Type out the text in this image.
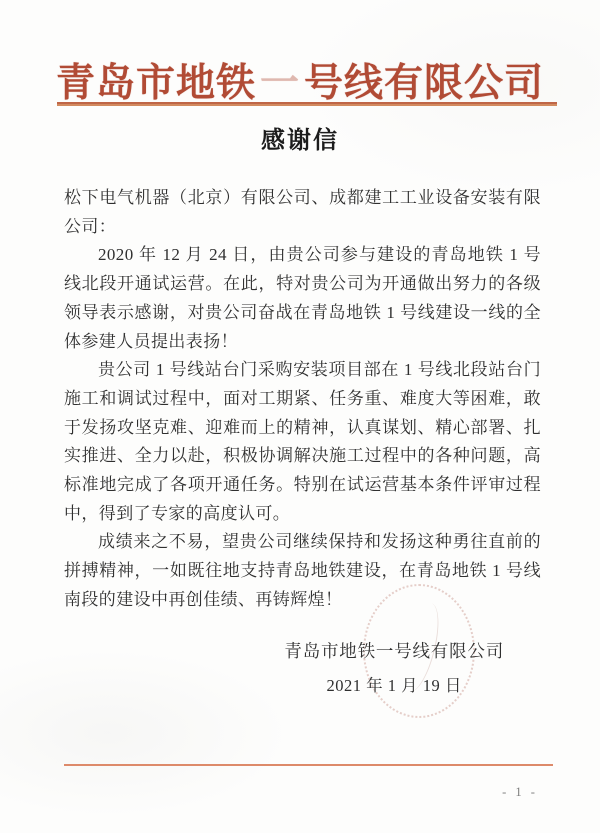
青岛市地铁 一 号线有限公司
感谢信

松下电气机器（北京）有限公司、成都建工工业设备安装有限公司：

2020 年 12 月 24 日，由贵公司参与建设的青岛地铁 1 号线北段开通试运营。在此，特对贵公司为开通做出努力的各级领导表示感谢，对贵公司奋战在青岛地铁 1 号线建设一线的全体参建人员提出表扬！

贵公司 1 号线站台门采购安装项目部在 1 号线北段站台门施工和调试过程中，面对工期紧、任务重、难度大等困难，敢于发扬攻坚克难、迎难而上的精神，认真谋划、精心部署、扎实推进、全力以赴，积极协调解决施工过程中的各种问题，高标准地完成了各项开通任务。特别在试运营基本条件评审过程中，得到了专家的高度认可。

成绩来之不易，望贵公司继续保持和发扬这种勇往直前的拼搏精神，一如既往地支持青岛地铁建设，在青岛地铁 1 号线南段的建设中再创佳绩、再铸辉煌！

青岛市地铁一号线有限公司
2021 年 1 月 19 日
- 1 -
